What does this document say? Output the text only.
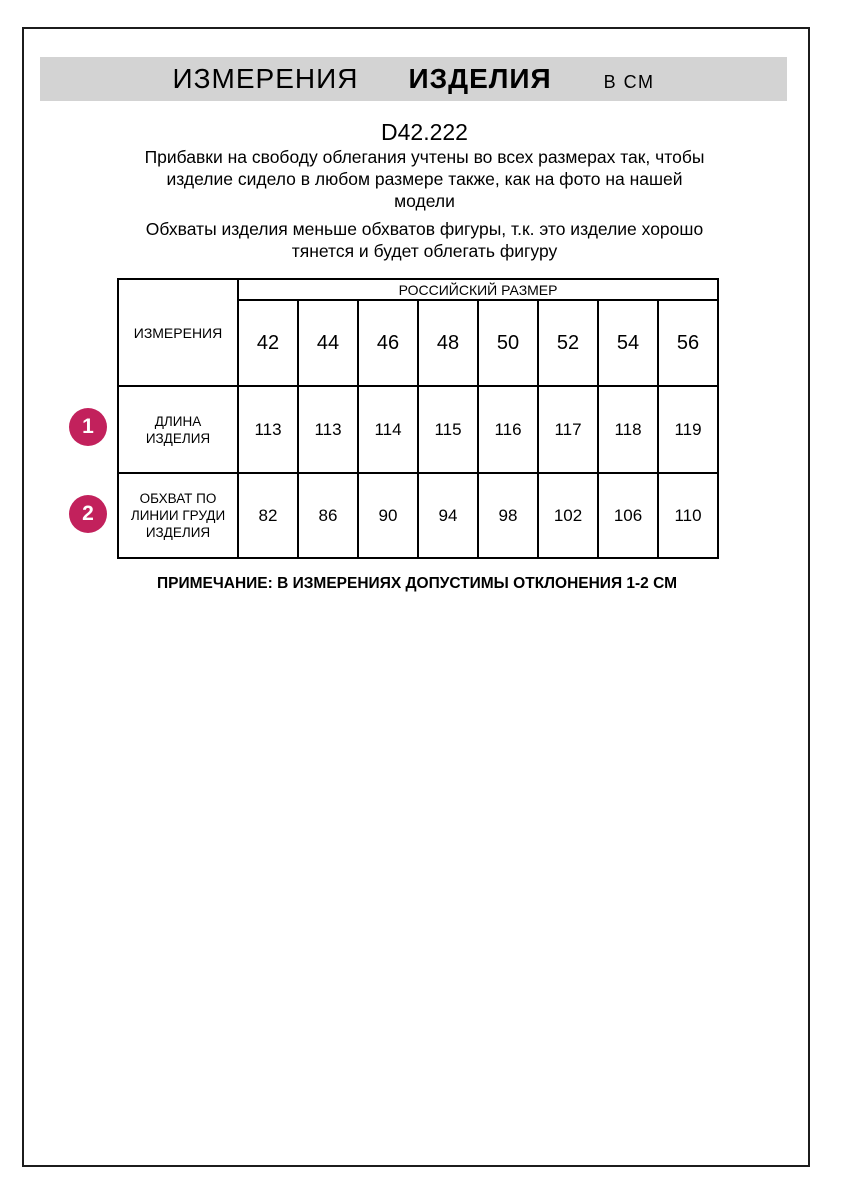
ИЗМЕРЕНИЯ ИЗДЕЛИЯ	В СМ
D42.222

Прибавки на свободу облегания учтены во всех размерах так, чтобы
изделие сидело в любом размере также, как на фото на нашей
модели

Обхваты изделия меньше обхватов фигуры, т.к. это изделие хорошо
тянется и будет облегать фигуру

ИЗМЕРЕНИЯ	РОССИЙСКИЙ РАЗМЕР							
	42	44	46	48	50	52	54	56
ДЛИНА
ИЗДЕЛИЯ	113	113	114	115	116	117	118	119
ОБХВАТ ПО
ЛИНИИ ГРУДИ
ИЗДЕЛИЯ	82	86	90	94	98	102	106	110
1
2
ПРИМЕЧАНИЕ: В ИЗМЕРЕНИЯХ ДОПУСТИМЫ ОТКЛОНЕНИЯ 1-2 СМ
